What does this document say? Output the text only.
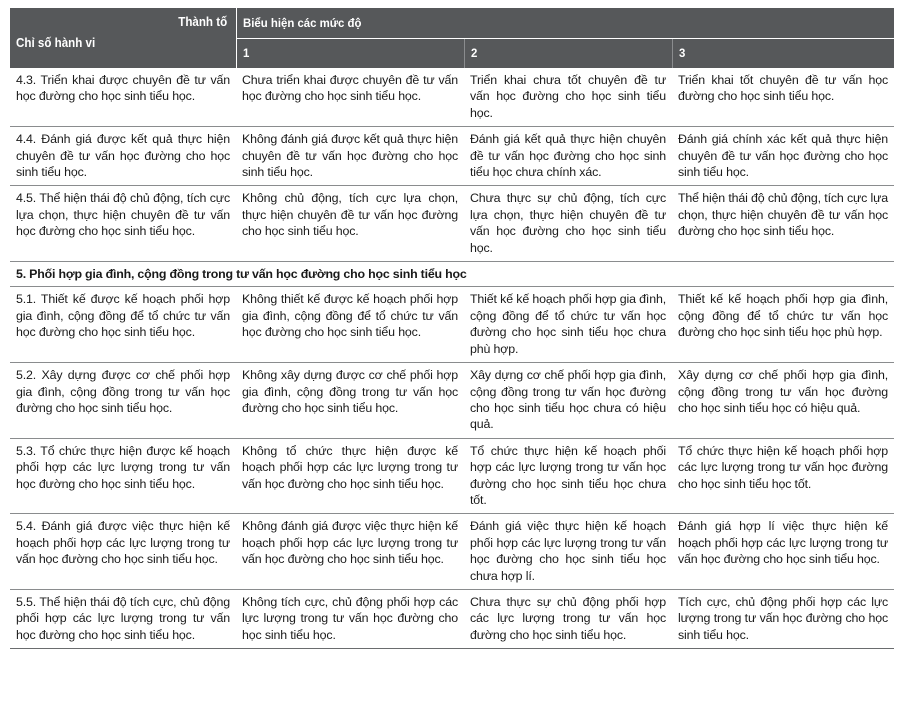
Thành tố
Chỉ số hành vi	Biểu hiện các mức độ		
	1	2	3

4.3. Triển khai được chuyên đề tư vấn học đường cho học sinh tiểu học.	Chưa triển khai được chuyên đề tư vấn học đường cho học sinh tiểu học.	Triển khai chưa tốt chuyên đề tư vấn học đường cho học sinh tiểu học.	Triển khai tốt chuyên đề tư vấn học đường cho học sinh tiểu học.

4.4. Đánh giá được kết quả thực hiện chuyên đề tư vấn học đường cho học sinh tiểu học.	Không đánh giá được kết quả thực hiện chuyên đề tư vấn học đường cho học sinh tiểu học.	Đánh giá kết quả thực hiện chuyên đề tư vấn học đường cho học sinh tiểu học chưa chính xác.	Đánh giá chính xác kết quả thực hiện chuyên đề tư vấn học đường cho học sinh tiểu học.

4.5. Thể hiện thái độ chủ động, tích cực lựa chọn, thực hiện chuyên đề tư vấn học đường cho học sinh tiểu học.	Không chủ động, tích cực lựa chọn, thực hiện chuyên đề tư vấn học đường cho học sinh tiểu học.	Chưa thực sự chủ động, tích cực lựa chọn, thực hiện chuyên đề tư vấn học đường cho học sinh tiểu học.	Thể hiện thái độ chủ động, tích cực lựa chọn, thực hiện chuyên đề tư vấn học đường cho học sinh tiểu học.

5. Phối hợp gia đình, cộng đồng trong tư vấn học đường cho học sinh tiểu học			

5.1. Thiết kế được kế hoạch phối hợp gia đình, cộng đồng để tổ chức tư vấn học đường cho học sinh tiểu học.	Không thiết kế được kế hoạch phối hợp gia đình, cộng đồng để tổ chức tư vấn học đường cho học sinh tiểu học.	Thiết kế kế hoạch phối hợp gia đình, cộng đồng để tổ chức tư vấn học đường cho học sinh tiểu học chưa phù hợp.	Thiết kế kế hoạch phối hợp gia đình, cộng đồng để tổ chức tư vấn học đường cho học sinh tiểu học phù hợp.

5.2. Xây dựng được cơ chế phối hợp gia đình, cộng đồng trong tư vấn học đường cho học sinh tiểu học.	Không xây dựng được cơ chế phối hợp gia đình, cộng đồng trong tư vấn học đường cho học sinh tiểu học.	Xây dựng cơ chế phối hợp gia đình, cộng đồng trong tư vấn học đường cho học sinh tiểu học chưa có hiệu quả.	Xây dựng cơ chế phối hợp gia đình, cộng đồng trong tư vấn học đường cho học sinh tiểu học có hiệu quả.

5.3. Tổ chức thực hiện được kế hoạch phối hợp các lực lượng trong tư vấn học đường cho học sinh tiểu học.	Không tổ chức thực hiện được kế hoạch phối hợp các lực lượng trong tư vấn học đường cho học sinh tiểu học.	Tổ chức thực hiện kế hoạch phối hợp các lực lượng trong tư vấn học đường cho học sinh tiểu học chưa tốt.	Tổ chức thực hiện kế hoạch phối hợp các lực lượng trong tư vấn học đường cho học sinh tiểu học tốt.

5.4. Đánh giá được việc thực hiện kế hoạch phối hợp các lực lượng trong tư vấn học đường cho học sinh tiểu học.	Không đánh giá được việc thực hiện kế hoạch phối hợp các lực lượng trong tư vấn học đường cho học sinh tiểu học.	Đánh giá việc thực hiện kế hoạch phối hợp các lực lượng trong tư vấn học đường cho học sinh tiểu học chưa hợp lí.	Đánh giá hợp lí việc thực hiện kế hoạch phối hợp các lực lượng trong tư vấn học đường cho học sinh tiểu học.

5.5. Thể hiện thái độ tích cực, chủ động phối hợp các lực lượng trong tư vấn học đường cho học sinh tiểu học.	Không tích cực, chủ động phối hợp các lực lượng trong tư vấn học đường cho học sinh tiểu học.	Chưa thực sự chủ động phối hợp các lực lượng trong tư vấn học đường cho học sinh tiểu học.	Tích cực, chủ động phối hợp các lực lượng trong tư vấn học đường cho học sinh tiểu học.
